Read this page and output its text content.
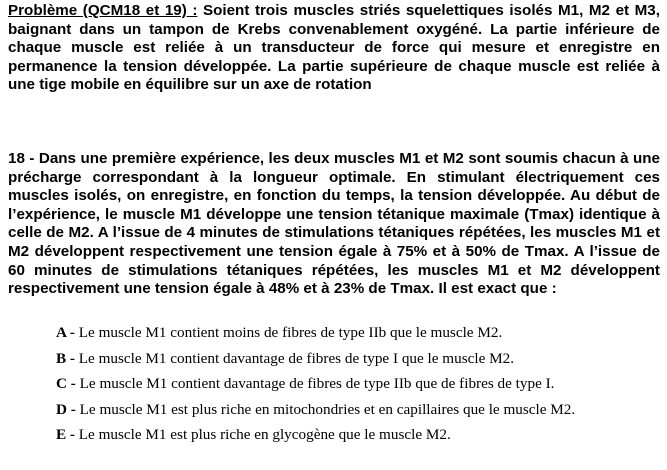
Problème (QCM18 et 19) : Soient trois muscles striés squelettiques isolés M1, M2 et M3, baignant dans un tampon de Krebs convenablement oxygéné. La partie inférieure de chaque muscle est reliée à un transducteur de force qui mesure et enregistre en permanence la tension développée. La partie supérieure de chaque muscle est reliée à une tige mobile en équilibre sur un axe de rotation

18 - Dans une première expérience, les deux muscles M1 et M2 sont soumis chacun à une précharge correspondant à la longueur optimale. En stimulant électriquement ces muscles isolés, on enregistre, en fonction du temps, la tension développée. Au début de l’expérience, le muscle M1 développe une tension tétanique maximale (Tmax) identique à celle de M2. A l’issue de 4 minutes de stimulations tétaniques répétées, les muscles M1 et M2 développent respectivement une tension égale à 75% et à 50% de Tmax. A l’issue de 60 minutes de stimulations tétaniques répétées, les muscles M1 et M2 développent respectivement une tension égale à 48% et à 23% de Tmax. Il est exact que :

A - Le muscle M1 contient moins de fibres de type IIb que le muscle M2.
B - Le muscle M1 contient davantage de fibres de type I que le muscle M2.
C - Le muscle M1 contient davantage de fibres de type IIb que de fibres de type I.
D - Le muscle M1 est plus riche en mitochondries et en capillaires que le muscle M2.
E - Le muscle M1 est plus riche en glycogène que le muscle M2.
